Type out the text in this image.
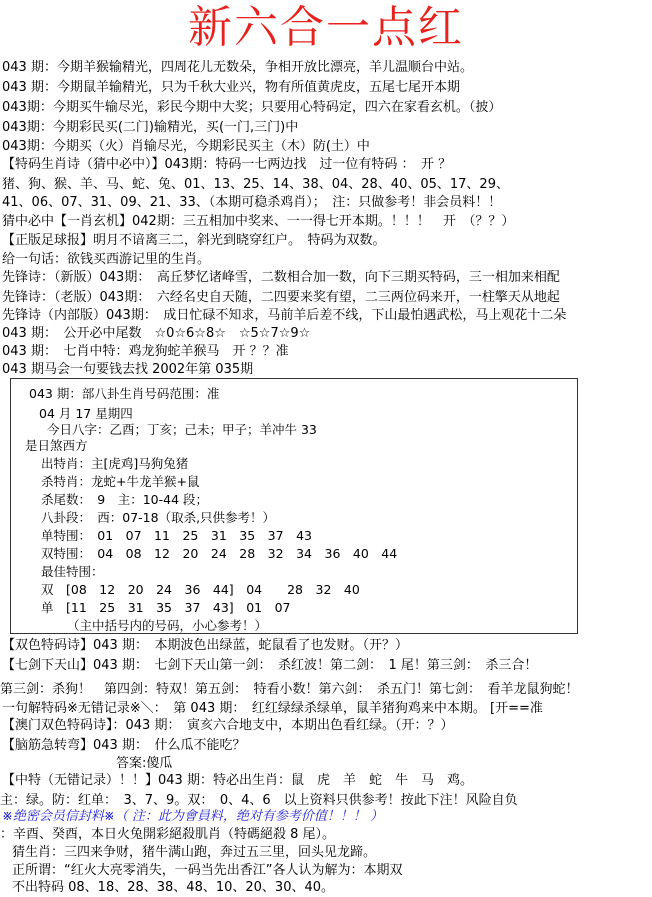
新六合一点红
043 期：今期羊猴输精光，四周花儿无数朵，争相开放比漂亮，羊儿温顺台中站。
043 期：今期鼠羊输精光，只为千秋大业兴，物有所值黄虎皮，五尾七尾开本期
043期：今期买牛输尽光，彩民今期中大奖；只要用心特码定，四六在家看玄机。（披）
043期：今期彩民买(二门)输精光，买(一门,三门)中
043期：今期买（火）肖输尽光，今期彩民买主（木）防(土）中
【特码生肖诗（猜中必中）】043期：特码一七两边找　过一位有特码 ：　开 ？
猪、狗、猴、羊、马、蛇、兔、01、13、25、14、38、04、28、40、05、17、29、
41、06、07、31、09、21、33、（本期可稳杀鸡肖）；　注：只做参考！非会员料！！
猜中必中【一肖玄机】042期：三五相加中奖来、一一得七开本期。！！！　开　（？？）
【正版足球报】明月不谙离三二，斜光到晓穿红户。　特码为双数。
给一句话：欲钱买西游记里的生肖。
先锋诗：（新版）043期：　高丘梦忆诸峰雪，二数相合加一数，向下三期买特码，三一相加来相配
先锋诗：（老版）043期：　六经名史自天随，二四要来奖有望，二三两位码来开，一柱擎天从地起
先锋诗（内部版）043期：　成日忙碌不知求，马前羊后差不线，下山最怕遇武松，马上观花十二朵
043 期：　公开必中尾数　☆0☆6☆8☆　☆5☆7☆9☆
043 期：　七肖中特：鸡龙狗蛇羊猴马　开 ？？准
043 期马会一句要钱去找 2002年第 035期
043 期：部八卦生肖号码范围：准
04 月 17 星期四
今日八字：乙酉；丁亥；己未；甲子；羊冲牛 33
是日煞西方
出特肖：主[虎鸡]马狗兔猪
杀特肖：龙蛇+牛龙羊猴+鼠
杀尾数：　9　主：10-44 段；
八卦段：　西：07-18（取杀,只供参考！）
单特围：　01　07　11　25　31　35　37　43
双特围：　04　08　12　20　24　28　32　34　36　40　44
最佳特围：
双　[08　12　20　24　36　44]　04　　28　32　40
单　[11　25　31　35　37　43]　01　07
（主中括号内的号码，小心参考！）
【双色特码诗】043 期：　本期波色出绿蓝，蛇鼠看了也发财。（开？）
【七剑下天山】043 期：　七剑下天山第一剑：　杀红波！第二剑：　1 尾！第三剑：　杀三合！
第三剑：杀狗！　第四剑：特双！第五剑：　特看小数！第六剑：　杀五门！第七剑：　看羊龙鼠狗蛇！
一句解特码※无错记录※＼：　第 043 期：　红红绿绿杀绿单，鼠羊猪狗鸡来中本期。 [开==准
【澳门双色特码诗】：043 期：　寅亥六合地支中，本期出色看红绿。（开：？）
【脑筋急转弯】043 期：　什么瓜不能吃？
答案:傻瓜
【中特（无错记录）！！】043 期：特必出生肖：鼠　虎　羊　蛇　牛　马　鸡。
主：绿。防：红单：　3、7、9。双：　0、4、6　以上资料只供参考！按此下注！风险自负
※绝密会员信封料※（ 注：此为會員料，绝对有参考价值！！！ ）
：辛酉、癸酉，本日火兔開彩絕殺肌肖（特碼絕殺 8 尾）。
猜生肖：三四来争财，猪牛满山跑，奔过五三里，回头见龙蹄。
正所谓：“红火大亮零消失，一码当先出香江”各人认为解为：本期双
不出特码 08、18、28、38、48、10、20、30、40。
